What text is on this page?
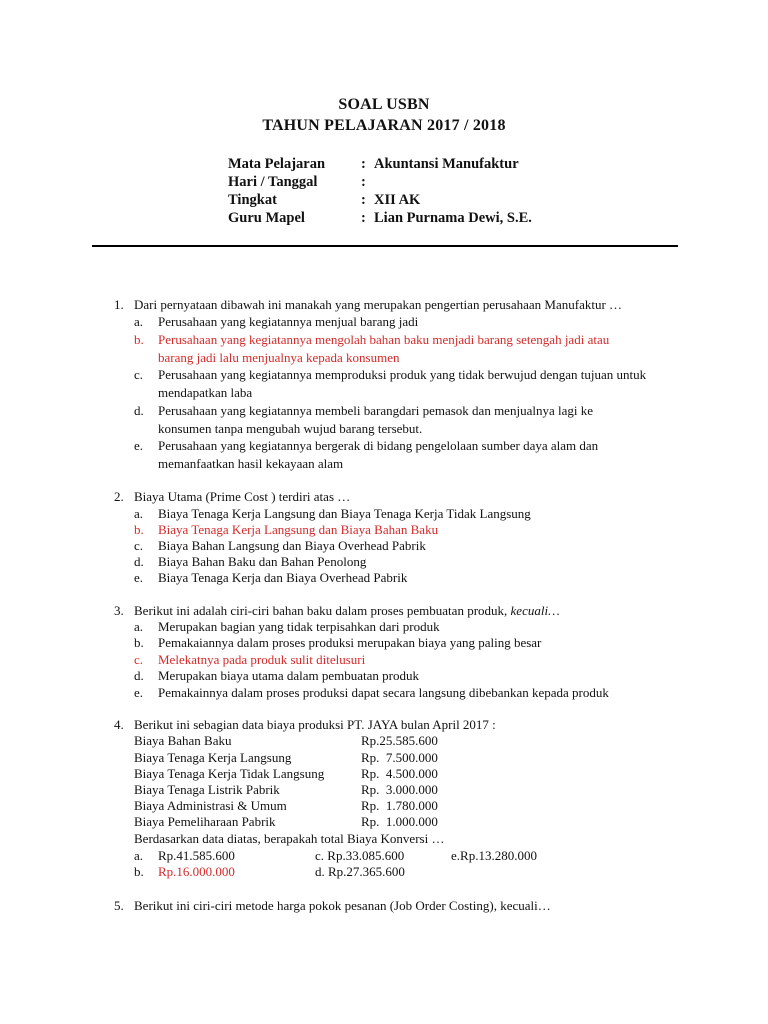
SOAL USBN
TAHUN PELAJARAN 2017 / 2018
Mata Pelajaran : Akuntansi Manufaktur
Hari / Tanggal	:
Tingkat	: XII AK
Guru Mapel	: Lian Purnama Dewi, S.E.
1. Dari pernyataan dibawah ini manakah yang merupakan pengertian perusahaan Manufaktur …
a. Perusahaan yang kegiatannya menjual barang jadi
b. Perusahaan yang kegiatannya mengolah bahan baku menjadi barang setengah jadi atau
barang jadi lalu menjualnya kepada konsumen
c. Perusahaan yang kegiatannya memproduksi produk yang tidak berwujud dengan tujuan untuk
mendapatkan laba
d. Perusahaan yang kegiatannya membeli barangdari pemasok dan menjualnya lagi ke
konsumen tanpa mengubah wujud barang tersebut.
e. Perusahaan yang kegiatannya bergerak di bidang pengelolaan sumber daya alam dan
memanfaatkan hasil kekayaan alam
2. Biaya Utama (Prime Cost ) terdiri atas …
a. Biaya Tenaga Kerja Langsung dan Biaya Tenaga Kerja Tidak Langsung
b. Biaya Tenaga Kerja Langsung dan Biaya Bahan Baku
c. Biaya Bahan Langsung dan Biaya Overhead Pabrik
d. Biaya Bahan Baku dan Bahan Penolong
e. Biaya Tenaga Kerja dan Biaya Overhead Pabrik
3. Berikut ini adalah ciri-ciri bahan baku dalam proses pembuatan produk, kecuali…
a. Merupakan bagian yang tidak terpisahkan dari produk
b. Pemakaiannya dalam proses produksi merupakan biaya yang paling besar
c. Melekatnya pada produk sulit ditelusuri
d. Merupakan biaya utama dalam pembuatan produk
e. Pemakainnya dalam proses produksi dapat secara langsung dibebankan kepada produk
4. Berikut ini sebagian data biaya produksi PT. JAYA bulan April 2017 :
Biaya Bahan Baku	Rp.25.585.600
Biaya Tenaga Kerja Langsung	Rp.  7.500.000
Biaya Tenaga Kerja Tidak Langsung	Rp.  4.500.000
Biaya Tenaga Listrik Pabrik	Rp.  3.000.000
Biaya Administrasi & Umum	Rp.  1.780.000
Biaya Pemeliharaan Pabrik	Rp.  1.000.000
Berdasarkan data diatas, berapakah total Biaya Konversi …
a. Rp.41.585.600	c. Rp.33.085.600	e.Rp.13.280.000
b. Rp.16.000.000	d. Rp.27.365.600
5. Berikut ini ciri-ciri metode harga pokok pesanan (Job Order Costing), kecuali…
